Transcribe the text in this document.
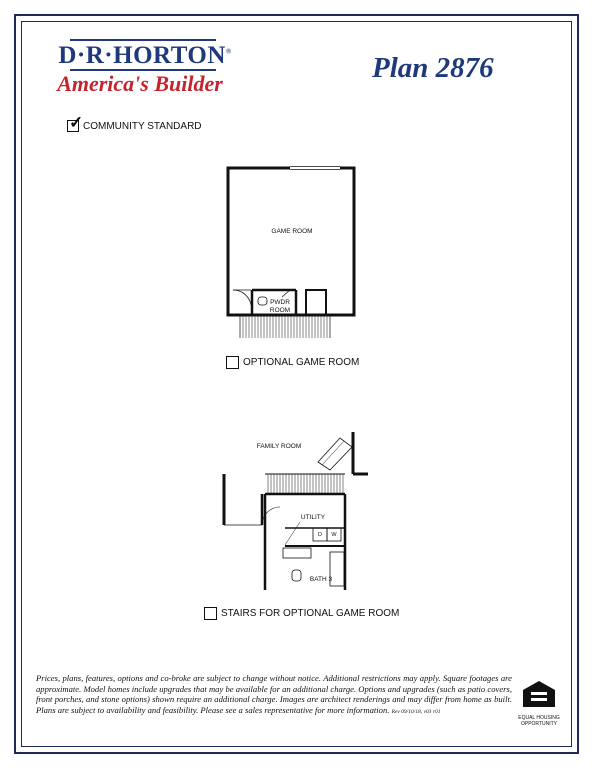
D·R·HORTON®
America's Builder	Plan 2876
✓ COMMUNITY STANDARD
OPTIONAL GAME ROOM
STAIRS FOR OPTIONAL GAME ROOM
GAME ROOM
PWDR
ROOM
FAMILY ROOM
UTILITY
D	W
BATH 3
Prices, plans, features, options and co-broke are subject to change without notice. Additional restrictions may apply. Square footages are approximate. Model homes include upgrades that may be available for an additional charge. Options and upgrades (such as patio covers, front porches, and stone options) shown require an additional charge. Images are architect renderings and may differ from home as built. Plans are subject to availability and feasibility. Please see a sales representative for more information. Rev 09/10/18, v03 r01
EQUAL HOUSING
OPPORTUNITY
